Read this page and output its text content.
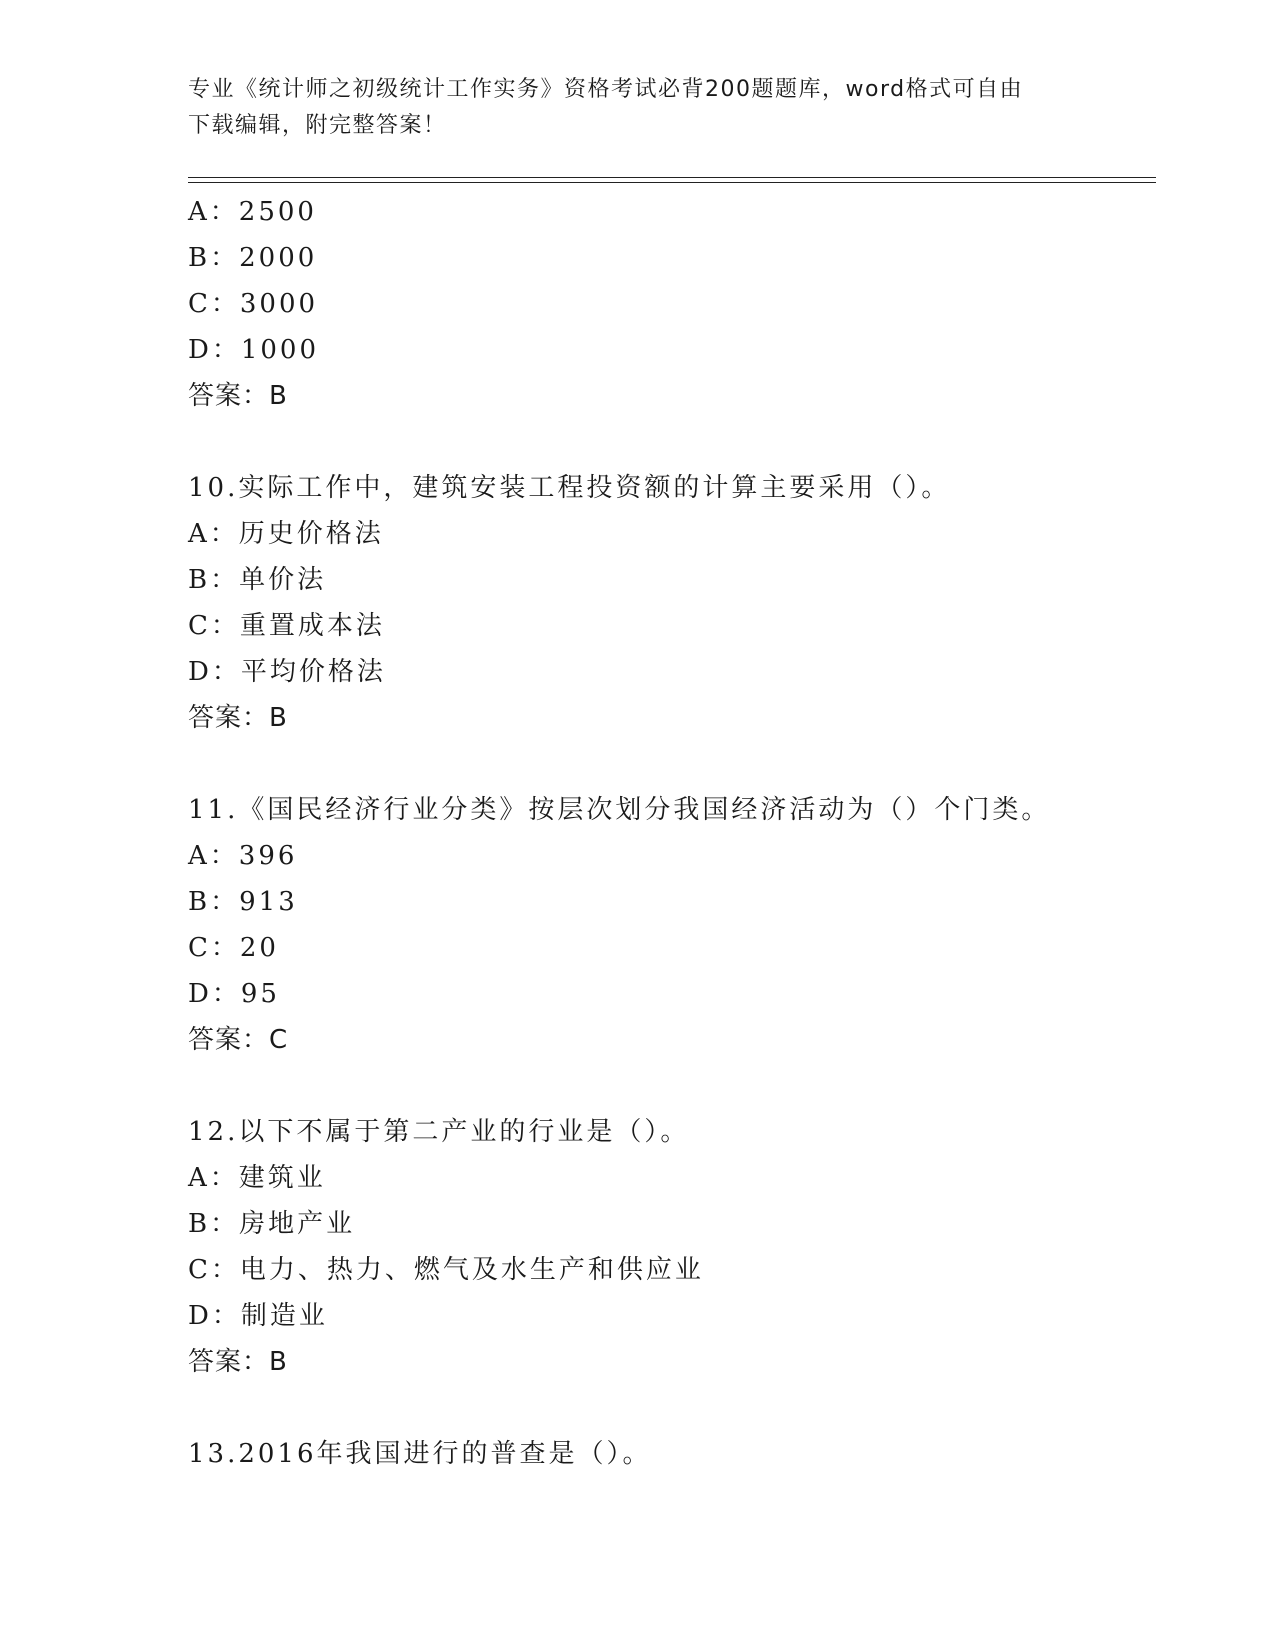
专业《统计师之初级统计工作实务》资格考试必背200题题库，word格式可自由
下载编辑，附完整答案！
A：2500
B：2000
C：3000
D：1000
答案：B
10.实际工作中，建筑安装工程投资额的计算主要采用（）。
A：历史价格法
B：单价法
C：重置成本法
D：平均价格法
答案：B
11.《国民经济行业分类》按层次划分我国经济活动为（）个门类。
A：396
B：913
C：20
D：95
答案：C
12.以下不属于第二产业的行业是（）。
A：建筑业
B：房地产业
C：电力、热力、燃气及水生产和供应业
D：制造业
答案：B
13.2016年我国进行的普查是（）。
